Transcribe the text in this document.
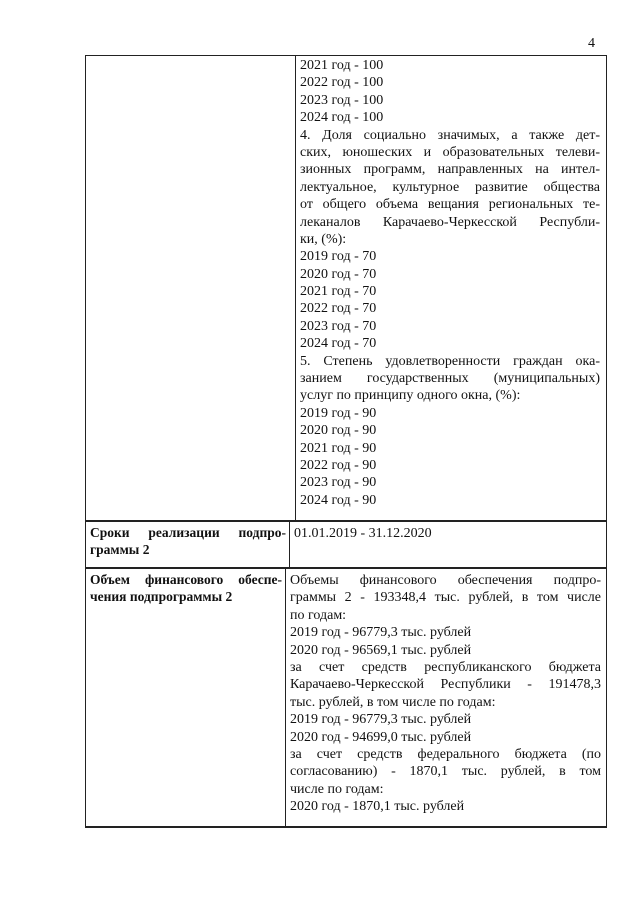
4
2021 год - 100
2022 год - 100
2023 год - 100
2024 год - 100
4. Доля социально значимых, а также дет-
ских, юношеских и образовательных телеви-
зионных программ, направленных на интел-
лектуальное, культурное развитие общества
от общего объема вещания региональных те-
леканалов Карачаево-Черкесской Республи-
ки, (%):
2019 год - 70
2020 год - 70
2021 год - 70
2022 год - 70
2023 год - 70
2024 год - 70
5. Степень удовлетворенности граждан ока-
занием государственных (муниципальных)
услуг по принципу одного окна, (%):
2019 год - 90
2020 год - 90
2021 год - 90
2022 год - 90
2023 год - 90
2024 год - 90
Сроки реализации подпро-
граммы 2
01.01.2019 - 31.12.2020
Объем финансового обеспе-
чения подпрограммы 2
Объемы финансового обеспечения подпро-
граммы 2 - 193348,4 тыс. рублей, в том числе
по годам:
2019 год - 96779,3 тыс. рублей
2020 год - 96569,1 тыс. рублей
за счет средств республиканского бюджета
Карачаево-Черкесской Республики - 191478,3
тыс. рублей, в том числе по годам:
2019 год - 96779,3 тыс. рублей
2020 год - 94699,0 тыс. рублей
за счет средств федерального бюджета (по
согласованию) - 1870,1 тыс. рублей, в том
числе по годам:
2020 год - 1870,1 тыс. рублей
